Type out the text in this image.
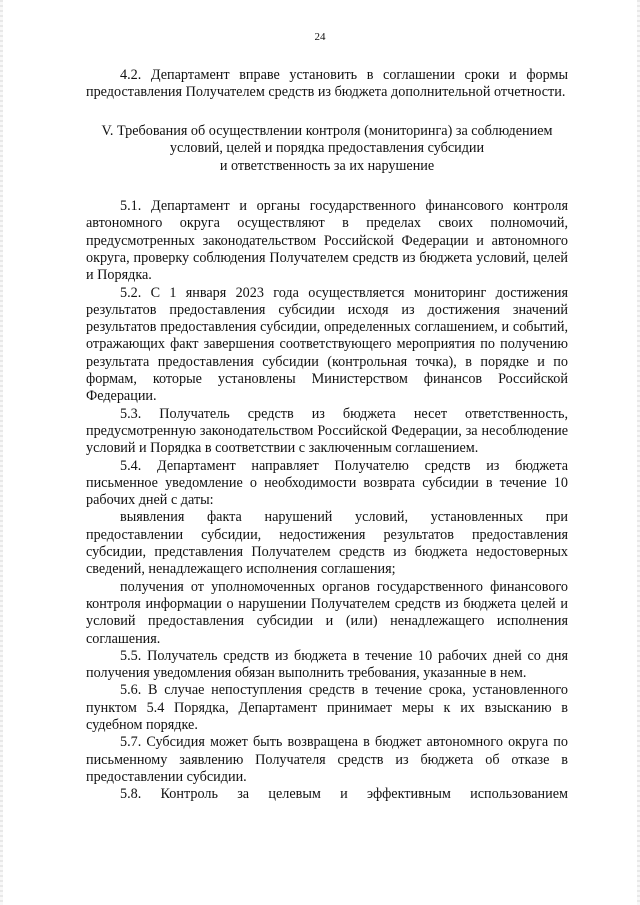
24

4.2. Департамент вправе установить в соглашении сроки и формы предоставления Получателем средств из бюджета дополнительной отчетности.

V. Требования об осуществлении контроля (мониторинга) за соблюдением
условий, целей и порядка предоставления субсидии
и ответственность за их нарушение

5.1. Департамент и органы государственного финансового контроля автономного округа осуществляют в пределах своих полномочий, предусмотренных законодательством Российской Федерации и автономного округа, проверку соблюдения Получателем средств из бюджета условий, целей и Порядка.

5.2. С 1 января 2023 года осуществляется мониторинг достижения результатов предоставления субсидии исходя из достижения значений результатов предоставления субсидии, определенных соглашением, и событий, отражающих факт завершения соответствующего мероприятия по получению результата предоставления субсидии (контрольная точка), в порядке и по формам, которые установлены Министерством финансов Российской Федерации.

5.3. Получатель средств из бюджета несет ответственность, предусмотренную законодательством Российской Федерации, за несоблюдение условий и Порядка в соответствии с заключенным соглашением.

5.4. Департамент направляет Получателю средств из бюджета письменное уведомление о необходимости возврата субсидии в течение 10 рабочих дней с даты:

выявления факта нарушений условий, установленных при предоставлении субсидии, недостижения результатов предоставления субсидии, представления Получателем средств из бюджета недостоверных сведений, ненадлежащего исполнения соглашения;

получения от уполномоченных органов государственного финансового контроля информации о нарушении Получателем средств из бюджета целей и условий предоставления субсидии и (или) ненадлежащего исполнения соглашения.

5.5. Получатель средств из бюджета в течение 10 рабочих дней со дня получения уведомления обязан выполнить требования, указанные в нем.

5.6. В случае непоступления средств в течение срока, установленного пунктом 5.4 Порядка, Департамент принимает меры к их взысканию в судебном порядке.

5.7. Субсидия может быть возвращена в бюджет автономного округа по письменному заявлению Получателя средств из бюджета об отказе в предоставлении субсидии.

5.8. Контроль за целевым и эффективным использованием
